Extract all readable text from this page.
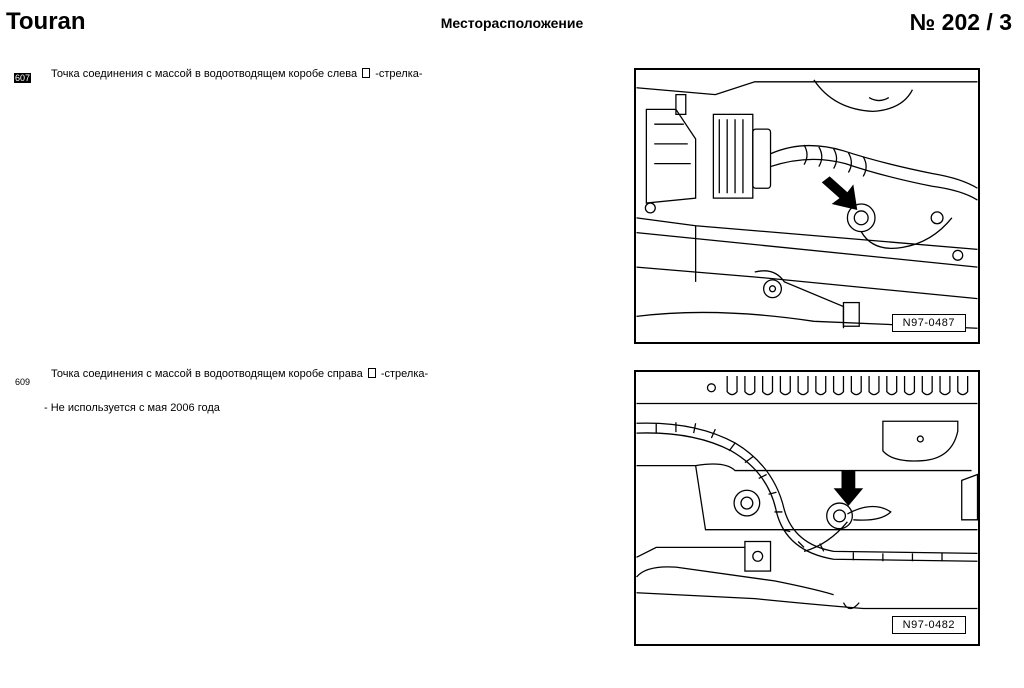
Touran	Месторасположение	№ 202 / 3
607 Точка соединения с массой в водоотводящем коробе слева -стрелка-
N97-0487
609
Точка соединения с массой в водоотводящем коробе справа -стрелка-
- Не используется с мая 2006 года
N97-0482
